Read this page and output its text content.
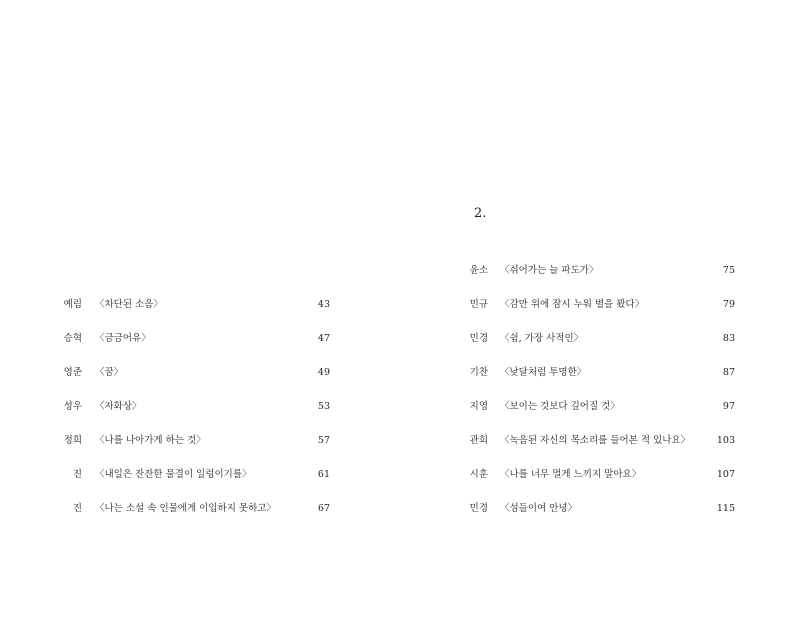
예림 〈차단된 소음〉	43
승혁 〈금금어유〉	47
영준 〈꿈〉	49
성우 〈자화상〉	53
정희 〈나를 나아가게 하는 것〉	57
진 〈내일은 잔잔한 물결이 일렁이기를〉	61
진 〈나는 소설 속 인물에게 이입하지 못하고〉	67
2.
윤소 〈쉬어가는 늘 파도가〉	75
민규 〈감만 위에 잠시 누워 별을 봤다〉	79
민경 〈쉼, 가장 사적인〉	83
기찬 〈낮달처럼 투명한〉	87
지영 〈보이는 것보다 깊어질 것〉	97
관희 〈녹음된 자신의 목소리를 들어본 적 있나요〉	103
시훈 〈나를 너무 멀게 느끼지 말아요〉	107
민경 〈섬들이여 안녕〉	115
